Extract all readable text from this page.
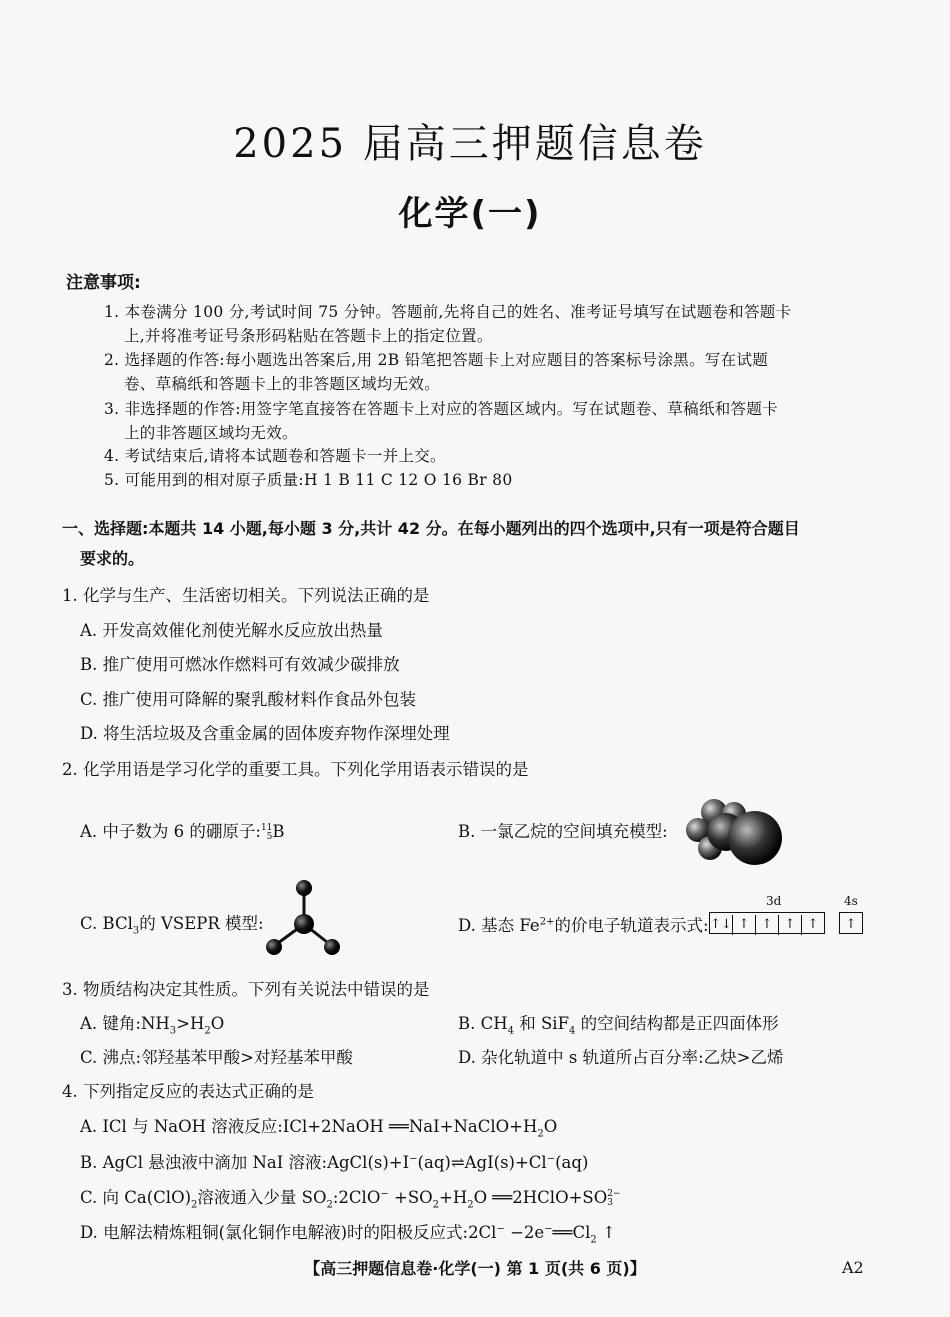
2025 届高三押题信息卷
化学(一)
注意事项:
1. 本卷满分 100 分,考试时间 75 分钟。答题前,先将自己的姓名、准考证号填写在试题卷和答题卡
上,并将准考证号条形码粘贴在答题卡上的指定位置。
2. 选择题的作答:每小题选出答案后,用 2B 铅笔把答题卡上对应题目的答案标号涂黑。写在试题
卷、草稿纸和答题卡上的非答题区域均无效。
3. 非选择题的作答:用签字笔直接答在答题卡上对应的答题区域内。写在试题卷、草稿纸和答题卡
上的非答题区域均无效。
4. 考试结束后,请将本试题卷和答题卡一并上交。
5. 可能用到的相对原子质量:H 1 B 11 C 12 O 16 Br 80
一、选择题:本题共 14 小题,每小题 3 分,共计 42 分。在每小题列出的四个选项中,只有一项是符合题目
要求的。
1. 化学与生产、生活密切相关。下列说法正确的是
A. 开发高效催化剂使光解水反应放出热量
B. 推广使用可燃冰作燃料可有效减少碳排放
C. 推广使用可降解的聚乳酸材料作食品外包装
D. 将生活垃圾及含重金属的固体废弃物作深埋处理
2. 化学用语是学习化学的重要工具。下列化学用语表示错误的是
A. 中子数为 6 的硼原子: 11
5 B	B. 一氯乙烷的空间填充模型:
C. BCl$_3$的 VSEPR 模型:	D. 基态 $Fe^{2+}$的价电子轨道表示式:
3d	4s
↑↓ ↑ ↑ ↑ ↑	↑
3. 物质结构决定其性质。下列有关说法中错误的是
A. 键角$:NH_3>H_2O$	B. $CH_4$ 和 SiF$_4$ 的空间结构都是正四面体形
C. 沸点:邻羟基苯甲酸>对羟基苯甲酸	D. 杂化轨道中 s 轨道所占百分率:乙炔>乙烯
4. 下列指定反应的表达式正确的是
A. ICl 与 NaOH 溶液反应:ICl+2NaOH $══NaI+NaClO+H_2O$
B. AgCl 悬浊液中滴加 NaI 溶液:AgCl(s)+I−(aq)⇌AgI(s)+Cl−(aq)
C. 向 $Ca(ClO)_2$溶液通入少量 $SO_2:2ClO^- +SO_2+H_2O$ ══2HClO+SO 2−
3
D. 电解法精炼粗铜(氯化铜作电解液)时的阳极反应式:2Cl− $-2e^-══Cl_2$ ↑
【高三押题信息卷·化学(一) 第 1 页(共 6 页)】	A2
